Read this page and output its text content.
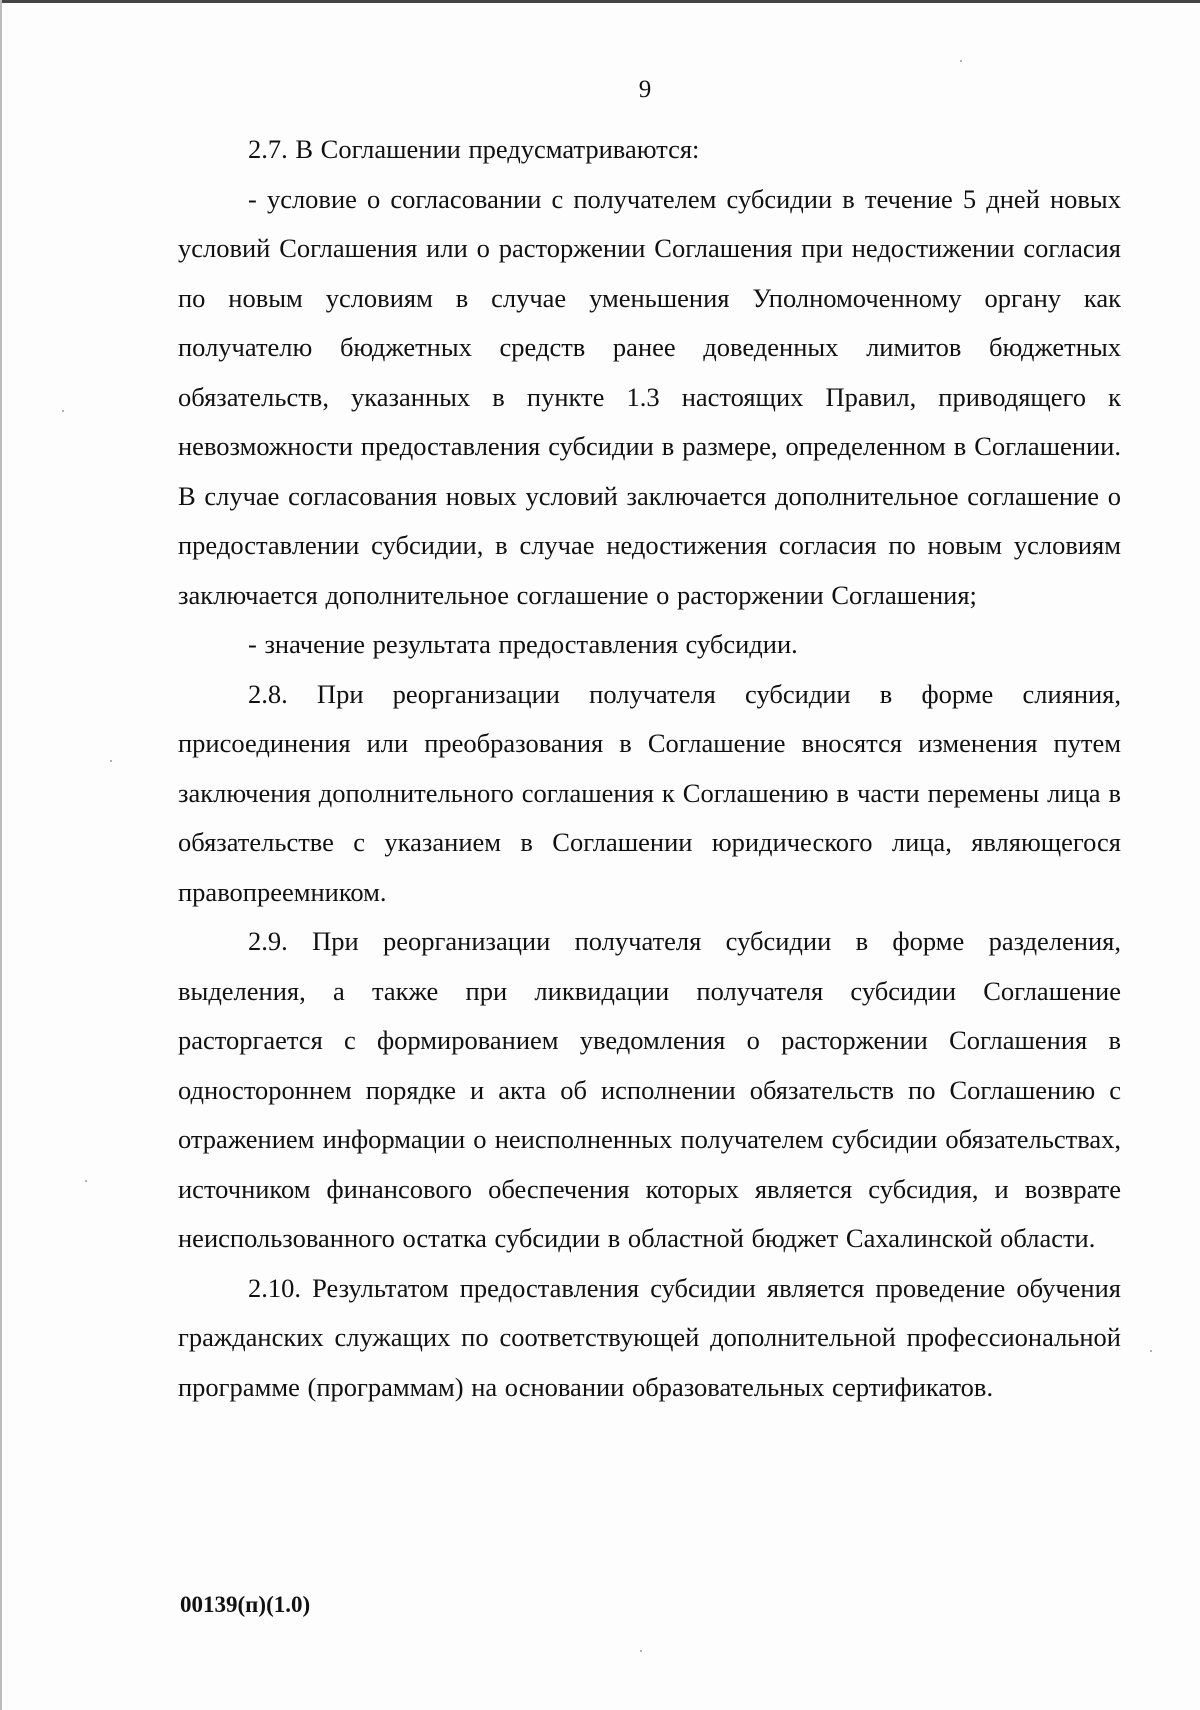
9

2.7. В Соглашении предусматриваются:

- условие о согласовании с получателем субсидии в течение 5 дней новых условий Соглашения или о расторжении Соглашения при недостижении согласия по новым условиям в случае уменьшения Уполномоченному органу как получателю бюджетных средств ранее доведенных лимитов бюджетных обязательств, указанных в пункте 1.3 настоящих Правил, приводящего к невозможности предоставления субсидии в размере, определенном в Соглашении. В случае согласования новых условий заключается дополнительное соглашение о предоставлении субсидии, в случае недостижения согласия по новым условиям заключается дополнительное соглашение о расторжении Соглашения;

- значение результата предоставления субсидии.

2.8. При реорганизации получателя субсидии в форме слияния, присоединения или преобразования в Соглашение вносятся изменения путем заключения дополнительного соглашения к Соглашению в части перемены лица в обязательстве с указанием в Соглашении юридического лица, являющегося правопреемником.

2.9. При реорганизации получателя субсидии в форме разделения, выделения, а также при ликвидации получателя субсидии Соглашение расторгается с формированием уведомления о расторжении Соглашения в одностороннем порядке и акта об исполнении обязательств по Соглашению с отражением информации о неисполненных получателем субсидии обязательствах, источником финансового обеспечения которых является субсидия, и возврате неиспользованного остатка субсидии в областной бюджет Сахалинской области.

2.10. Результатом предоставления субсидии является проведение обучения гражданских служащих по соответствующей дополнительной профессиональной программе (программам) на основании образовательных сертификатов.

00139(п)(1.0)
